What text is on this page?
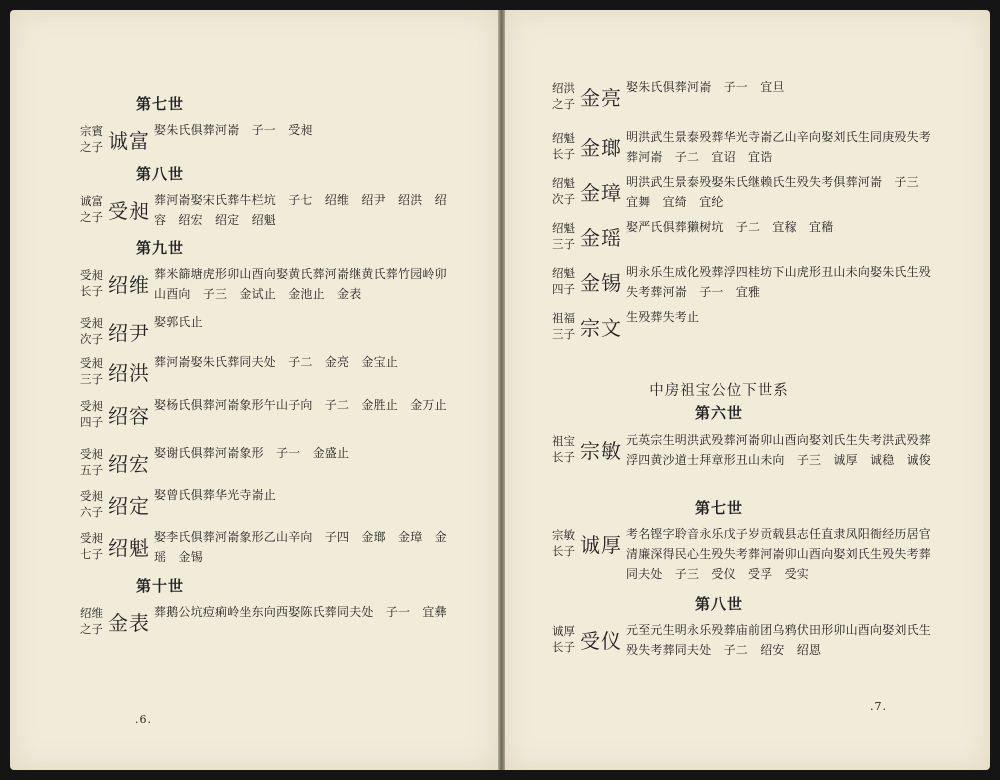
第七世
宗賓
之子 诚富 娶朱氏俱葬河嵛　子一　受昶
第八世
诚富
之子 受昶 葬河嵛娶宋氏葬牛栏坑　子七　绍维　绍尹　绍洪　绍容　绍宏　绍定　绍魁
第九世
受昶
长子 绍维 葬米篩塘虎形卯山酉向娶黄氏葬河嵛继黄氏葬竹园岭卯山酉向　子三　金试止　金池止　金表
受昶
次子 绍尹 娶郭氏止
受昶
三子 绍洪 葬河嵛娶朱氏葬同夫处　子二　金亮　金宝止
受昶
四子 绍容 娶杨氏俱葬河嵛象形午山子向　子二　金胜止　金万止
受昶
五子 绍宏 娶谢氏俱葬河嵛象形　子一　金盛止
受昶
六子 绍定 娶曾氏俱葬华光寺嵛止
受昶
七子 绍魁 娶李氏俱葬河嵛象形乙山辛向　子四　金瑯　金璋　金瑶　金锡
第十世
绍维
之子 金表 葬鹅公坑痘痢岭坐东向西娶陈氏葬同夫处　子一　宜彝
.6.
绍洪
之子 金亮 娶朱氏俱葬河嵛　子一　宜旦
绍魁
长子 金瑯 明洪武生景泰殁葬华光寺嵛乙山辛向娶刘氏生同庚殁失考葬河嵛　子二　宜诏　宜诰
绍魁
次子 金璋 明洪武生景泰殁娶朱氏继赖氏生殁失考俱葬河嵛　子三　宜舞　宜绮　宜纶
绍魁
三子 金瑶 娶严氏俱葬獭树坑　子二　宜稼　宜穑
绍魁
四子 金锡 明永乐生成化殁葬浮四桂坊下山虎形丑山未向娶朱氏生殁失考葬河嵛　子一　宜雅
祖福
三子 宗文 生殁葬失考止
中房祖宝公位下世系
第六世
祖宝
长子 宗敏 元英宗生明洪武殁葬河嵛卯山酉向娶刘氏生失考洪武殁葬浮四黄沙道士拜章形丑山未向　子三　诚厚　诚稳　诚俊
第七世
宗敏
长子 诚厚 考名铿字聆音永乐戊子岁贡载县志任直隶凤阳衙经历居官清廉深得民心生殁失考葬河嵛卯山酉向娶刘氏生殁失考葬同夫处　子三　受仪　受孚　受实
第八世
诚厚
长子 受仪 元至元生明永乐殁葬庙前团乌鸦伏田形卯山酉向娶刘氏生殁失考葬同夫处　子二　绍安　绍恩
.7.
